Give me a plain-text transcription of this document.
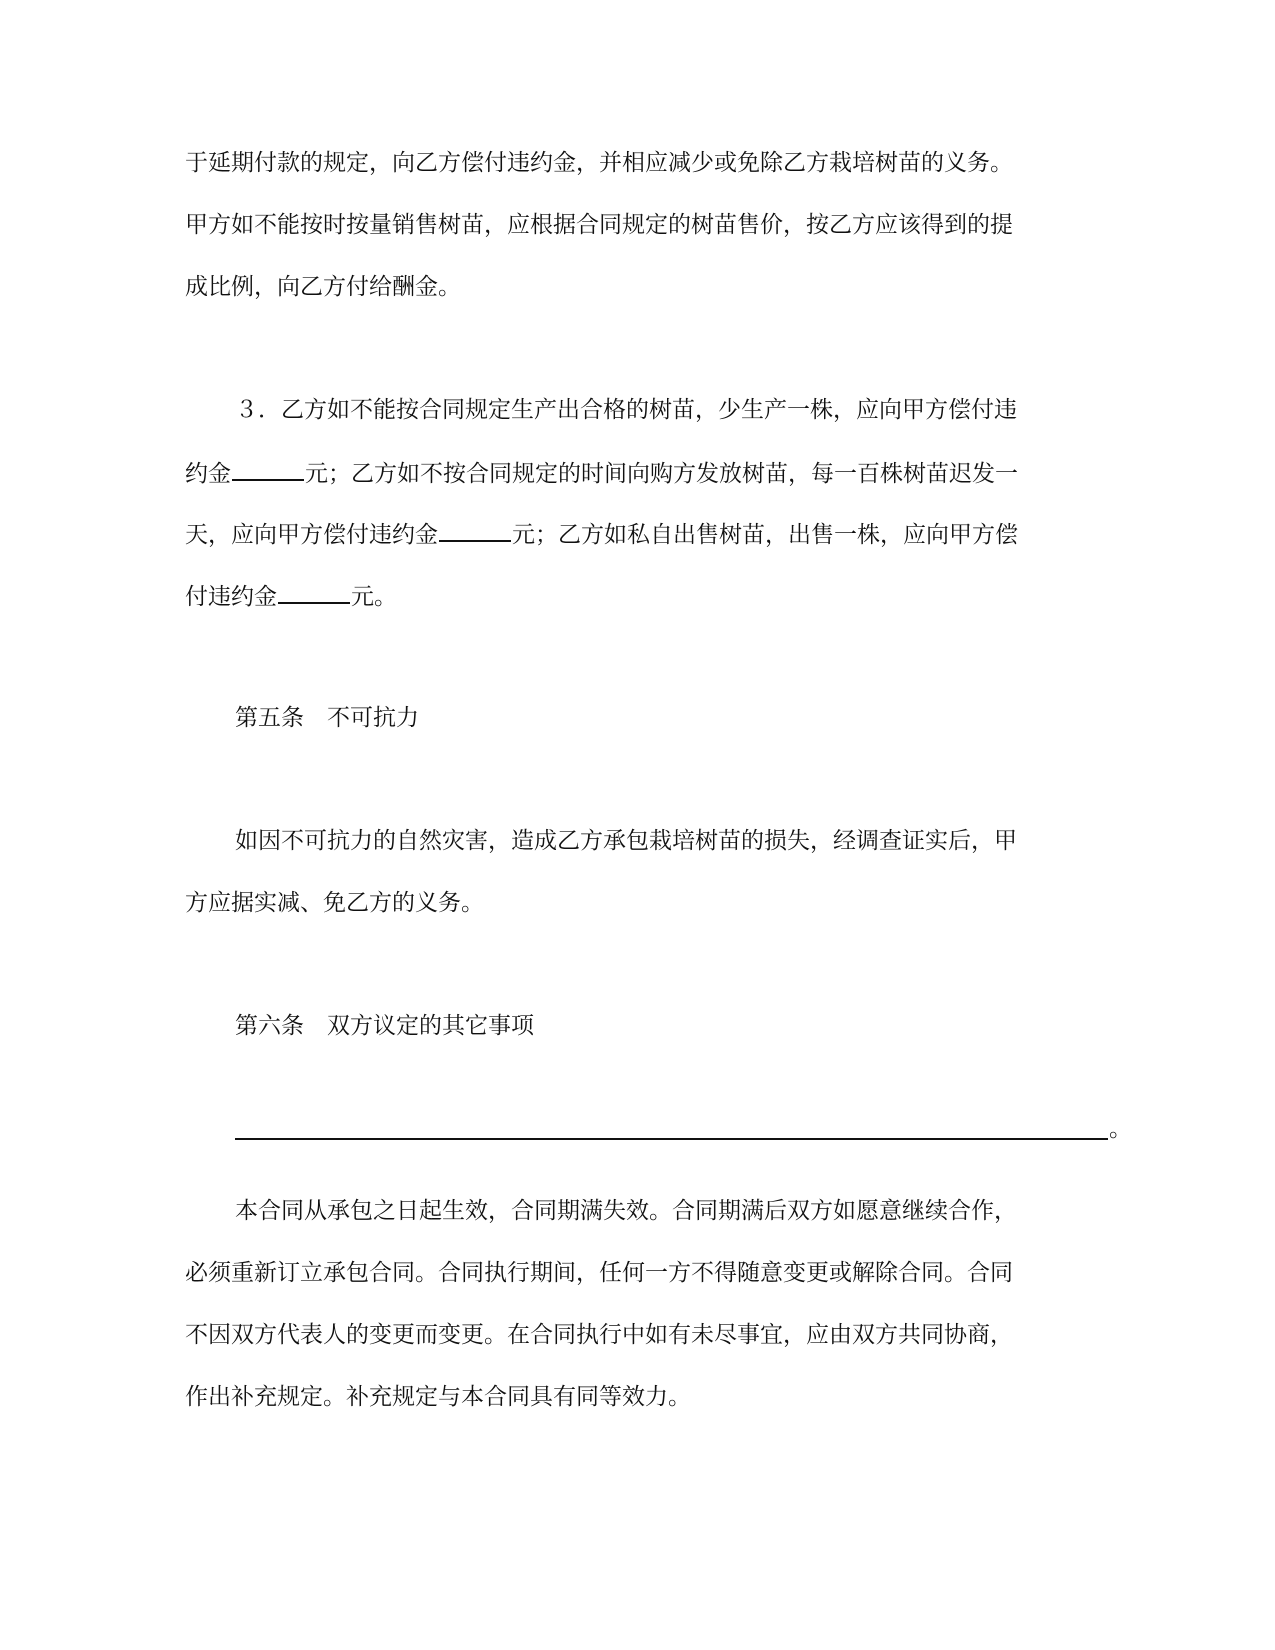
于延期付款的规定，向乙方偿付违约金，并相应减少或免除乙方栽培树苗的义务。
甲方如不能按时按量销售树苗，应根据合同规定的树苗售价，按乙方应该得到的提
成比例，向乙方付给酬金。
３．乙方如不能按合同规定生产出合格的树苗，少生产一株，应向甲方偿付违
约金	元；乙方如不按合同规定的时间向购方发放树苗，每一百株树苗迟发一
天，应向甲方偿付违约金	元；乙方如私自出售树苗，出售一株，应向甲方偿
付违约金	元。
第五条　不可抗力
如因不可抗力的自然灾害，造成乙方承包栽培树苗的损失，经调查证实后，甲
方应据实减、免乙方的义务。
第六条　双方议定的其它事项
。
本合同从承包之日起生效，合同期满失效。合同期满后双方如愿意继续合作，
必须重新订立承包合同。合同执行期间，任何一方不得随意变更或解除合同。合同
不因双方代表人的变更而变更。在合同执行中如有未尽事宜，应由双方共同协商，
作出补充规定。补充规定与本合同具有同等效力。
